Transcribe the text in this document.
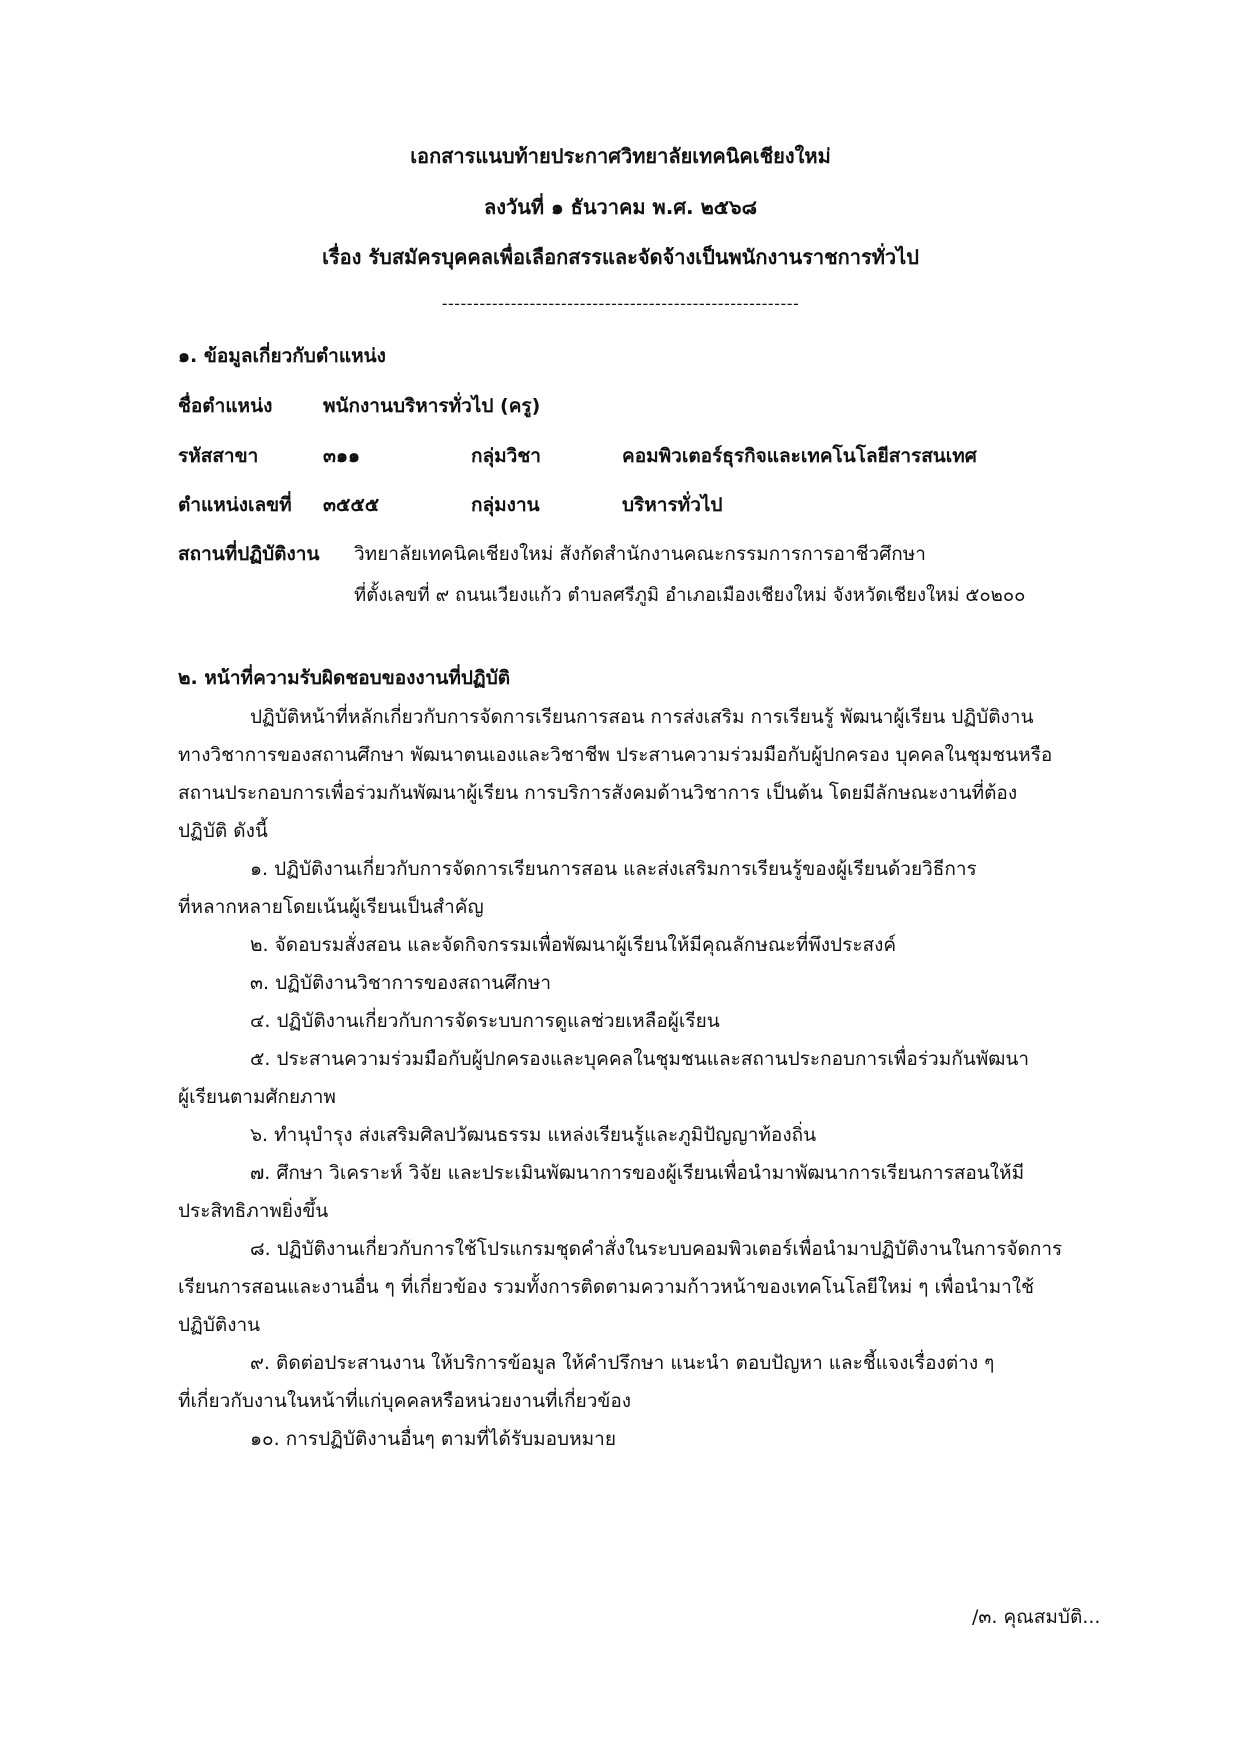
เอกสารแนบท้ายประกาศวิทยาลัยเทคนิคเชียงใหม่
ลงวันที่ ๑ ธันวาคม พ.ศ. ๒๕๖๘
เรื่อง รับสมัครบุคคลเพื่อเลือกสรรและจัดจ้างเป็นพนักงานราชการทั่วไป
---------------------------------------------------------
๑. ข้อมูลเกี่ยวกับตำแหน่ง
ชื่อตำแหน่ง	พนักงานบริหารทั่วไป (ครู)
รหัสสาขา	๓๑๑	กลุ่มวิชา	คอมพิวเตอร์ธุรกิจและเทคโนโลยีสารสนเทศ
ตำแหน่งเลขที่ ๓๕๕๕	กลุ่มงาน	บริหารทั่วไป
สถานที่ปฏิบัติงาน วิทยาลัยเทคนิคเชียงใหม่ สังกัดสำนักงานคณะกรรมการการอาชีวศึกษา
ที่ตั้งเลขที่ ๙ ถนนเวียงแก้ว ตำบลศรีภูมิ อำเภอเมืองเชียงใหม่ จังหวัดเชียงใหม่ ๕๐๒๐๐
๒. หน้าที่ความรับผิดชอบของงานที่ปฏิบัติ
ปฏิบัติหน้าที่หลักเกี่ยวกับการจัดการเรียนการสอน การส่งเสริม การเรียนรู้ พัฒนาผู้เรียน ปฏิบัติงาน
ทางวิชาการของสถานศึกษา พัฒนาตนเองและวิชาชีพ ประสานความร่วมมือกับผู้ปกครอง บุคคลในชุมชนหรือ
สถานประกอบการเพื่อร่วมกันพัฒนาผู้เรียน การบริการสังคมด้านวิชาการ เป็นต้น โดยมีลักษณะงานที่ต้อง
ปฏิบัติ ดังนี้
๑. ปฏิบัติงานเกี่ยวกับการจัดการเรียนการสอน และส่งเสริมการเรียนรู้ของผู้เรียนด้วยวิธีการ
ที่หลากหลายโดยเน้นผู้เรียนเป็นสำคัญ
๒. จัดอบรมสั่งสอน และจัดกิจกรรมเพื่อพัฒนาผู้เรียนให้มีคุณลักษณะที่พึงประสงค์
๓. ปฏิบัติงานวิชาการของสถานศึกษา
๔. ปฏิบัติงานเกี่ยวกับการจัดระบบการดูแลช่วยเหลือผู้เรียน
๕. ประสานความร่วมมือกับผู้ปกครองและบุคคลในชุมชนและสถานประกอบการเพื่อร่วมกันพัฒนา
ผู้เรียนตามศักยภาพ
๖. ทำนุบำรุง ส่งเสริมศิลปวัฒนธรรม แหล่งเรียนรู้และภูมิปัญญาท้องถิ่น
๗. ศึกษา วิเคราะห์ วิจัย และประเมินพัฒนาการของผู้เรียนเพื่อนำมาพัฒนาการเรียนการสอนให้มี
ประสิทธิภาพยิ่งขึ้น
๘. ปฏิบัติงานเกี่ยวกับการใช้โปรแกรมชุดคำสั่งในระบบคอมพิวเตอร์เพื่อนำมาปฏิบัติงานในการจัดการ
เรียนการสอนและงานอื่น ๆ ที่เกี่ยวข้อง รวมทั้งการติดตามความก้าวหน้าของเทคโนโลยีใหม่ ๆ เพื่อนำมาใช้
ปฏิบัติงาน
๙. ติดต่อประสานงาน ให้บริการข้อมูล ให้คำปรึกษา แนะนำ ตอบปัญหา และชี้แจงเรื่องต่าง ๆ
ที่เกี่ยวกับงานในหน้าที่แก่บุคคลหรือหน่วยงานที่เกี่ยวข้อง
๑๐. การปฏิบัติงานอื่นๆ ตามที่ได้รับมอบหมาย
/๓. คุณสมบัติ...
